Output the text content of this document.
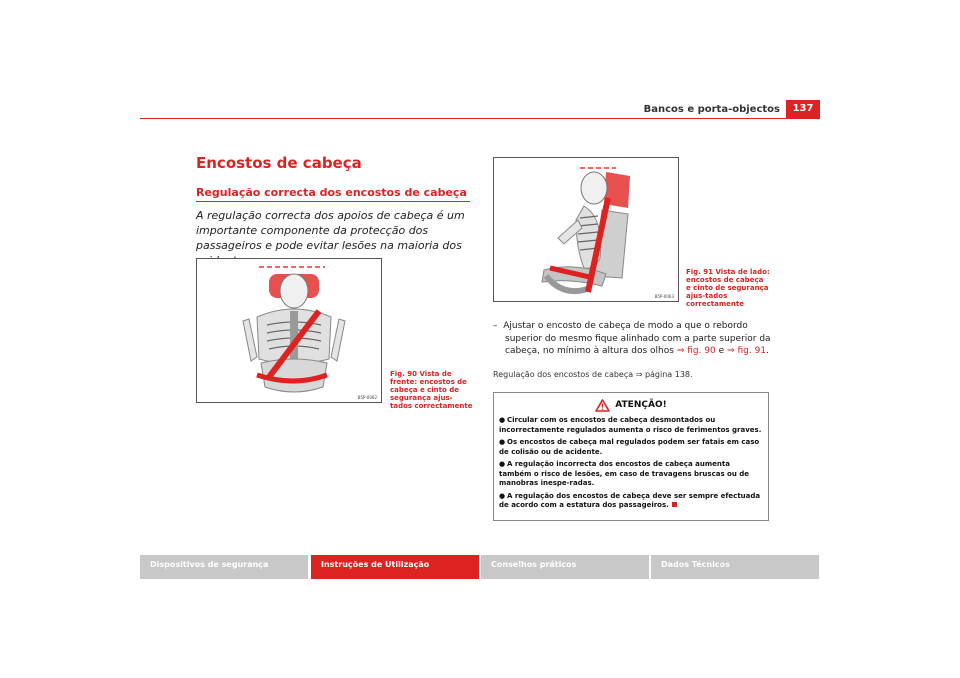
Bancos e porta-objectos	137
Encostos de cabeça
Regulação correcta dos encostos de cabeça
A regulação correcta dos apoios de cabeça é um importante componente da protecção dos passageiros e pode evitar lesões na maioria dos
B5P-0062
Fig. 90 Vista de frente: encostos de cabeça e cinto de segurança ajus-tados correctamente
B5P-0063
Fig. 91 Vista de lado: encostos de cabeça e cinto de segurança ajus-tados correctamente
– Ajustar o encosto de cabeça de modo a que o rebordo superior do mesmo fique alinhado com a parte superior da cabeça, no mínimo à altura dos olhos ⇒ fig. 90 e ⇒ fig. 91.
Regulação dos encostos de cabeça ⇒ página 138.
ATENÇÃO!
● Circular com os encostos de cabeça desmontados ou incorrectamente regulados aumenta o risco de ferimentos graves.
● Os encostos de cabeça mal regulados podem ser fatais em caso de colisão ou de acidente.
● A regulação incorrecta dos encostos de cabeça aumenta também o risco de lesões, em caso de travagens bruscas ou de manobras inespe-radas.
● A regulação dos encostos de cabeça deve ser sempre efectuada de acordo com a estatura dos passageiros.
Dispositivos de segurança	Instruções de Utilização	Conselhos práticos	Dados Técnicos
